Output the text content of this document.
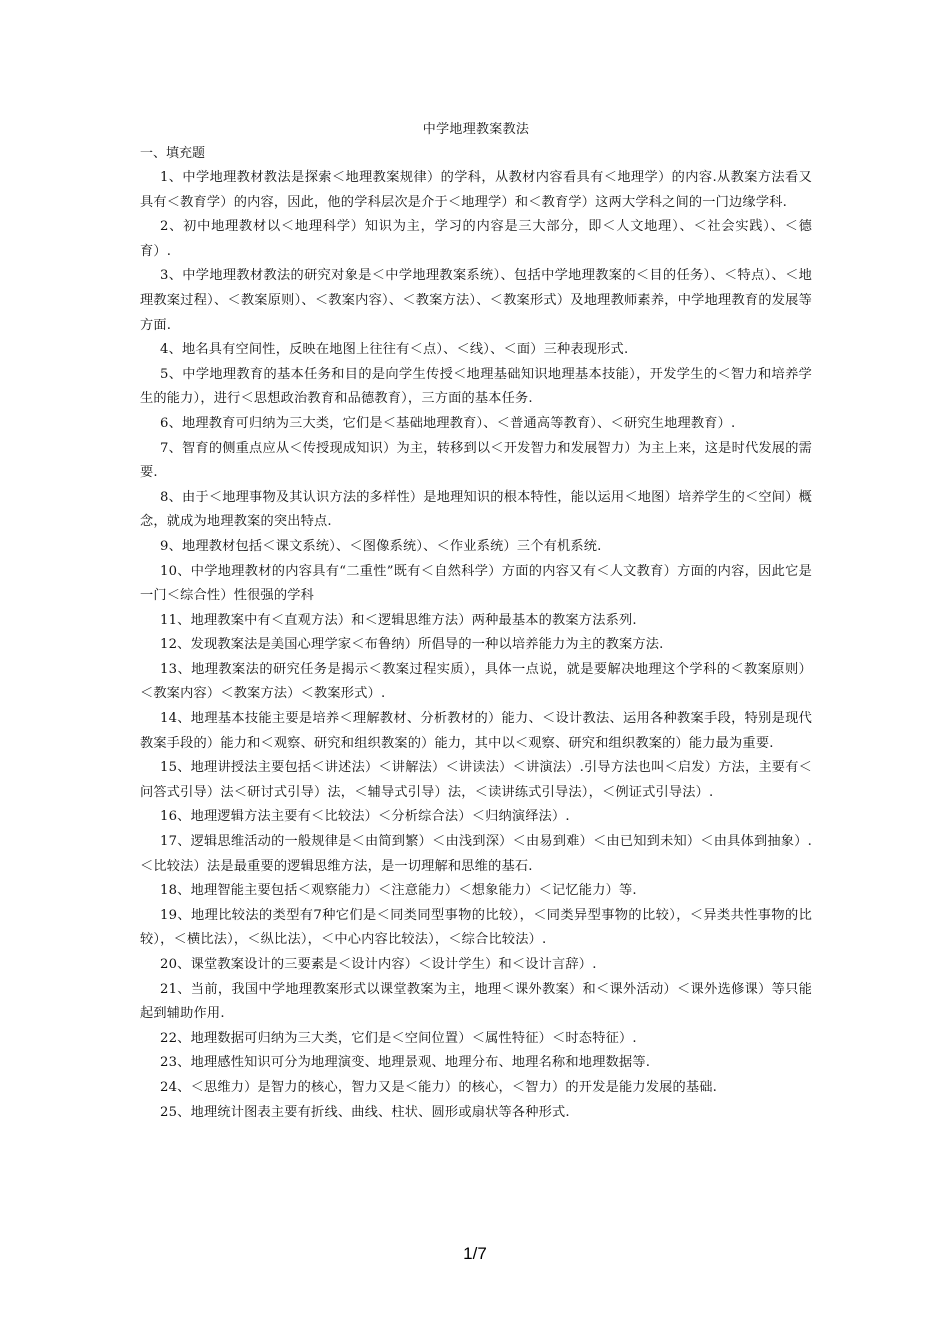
中学地理教案教法
一、填充题

1、中学地理教材教法是探索＜地理教案规律）的学科，从教材内容看具有＜地理学）的内容.从教案方法看又具有＜教育学）的内容，因此，他的学科层次是介于＜地理学）和＜教育学）这两大学科之间的一门边缘学科.

2、初中地理教材以＜地理科学）知识为主，学习的内容是三大部分，即＜人文地理）、＜社会实践）、＜德育）.

3、中学地理教材教法的研究对象是＜中学地理教案系统）、包括中学地理教案的＜目的任务）、＜特点）、＜地理教案过程）、＜教案原则）、＜教案内容）、＜教案方法）、＜教案形式）及地理教师素养，中学地理教育的发展等方面.

4、地名具有空间性，反映在地图上往往有＜点）、＜线）、＜面）三种表现形式.

5、中学地理教育的基本任务和目的是向学生传授＜地理基础知识地理基本技能），开发学生的＜智力和培养学生的能力），进行＜思想政治教育和品德教育），三方面的基本任务.

6、地理教育可归纳为三大类，它们是＜基础地理教育）、＜普通高等教育）、＜研究生地理教育）.

7、智育的侧重点应从＜传授现成知识）为主，转移到以＜开发智力和发展智力）为主上来，这是时代发展的需要.

8、由于＜地理事物及其认识方法的多样性）是地理知识的根本特性，能以运用＜地图）培养学生的＜空间）概念，就成为地理教案的突出特点.

9、地理教材包括＜课文系统）、＜图像系统）、＜作业系统）三个有机系统.

10、中学地理教材的内容具有“二重性”既有＜自然科学）方面的内容又有＜人文教育）方面的内容，因此它是一门＜综合性）性很强的学科

11、地理教案中有＜直观方法）和＜逻辑思维方法）两种最基本的教案方法系列.

12、发现教案法是美国心理学家＜布鲁纳）所倡导的一种以培养能力为主的教案方法.

13、地理教案法的研究任务是揭示＜教案过程实质），具体一点说，就是要解决地理这个学科的＜教案原则）＜教案内容）＜教案方法）＜教案形式）.

14、地理基本技能主要是培养＜理解教材、分析教材的）能力、＜设计教法、运用各种教案手段，特别是现代教案手段的）能力和＜观察、研究和组织教案的）能力，其中以＜观察、研究和组织教案的）能力最为重要.

15、地理讲授法主要包括＜讲述法）＜讲解法）＜讲读法）＜讲演法）.引导方法也叫＜启发）方法，主要有＜问答式引导）法＜研讨式引导）法，＜辅导式引导）法，＜读讲练式引导法），＜例证式引导法）.

16、地理逻辑方法主要有＜比较法）＜分析综合法）＜归纳演绎法）.

17、逻辑思维活动的一般规律是＜由简到繁）＜由浅到深）＜由易到难）＜由已知到未知）＜由具体到抽象）.＜比较法）法是最重要的逻辑思维方法，是一切理解和思维的基石.

18、地理智能主要包括＜观察能力）＜注意能力）＜想象能力）＜记忆能力）等.

19、地理比较法的类型有7种它们是＜同类同型事物的比较），＜同类异型事物的比较），＜异类共性事物的比较），＜横比法），＜纵比法），＜中心内容比较法），＜综合比较法）.

20、课堂教案设计的三要素是＜设计内容）＜设计学生）和＜设计言辞）.

21、当前，我国中学地理教案形式以课堂教案为主，地理＜课外教案）和＜课外活动）＜课外选修课）等只能起到辅助作用.

22、地理数据可归纳为三大类，它们是＜空间位置）＜属性特征）＜时态特征）.

23、地理感性知识可分为地理演变、地理景观、地理分布、地理名称和地理数据等.

24、＜思维力）是智力的核心，智力又是＜能力）的核心，＜智力）的开发是能力发展的基础.

25、地理统计图表主要有折线、曲线、柱状、圆形或扇状等各种形式.

1/7
